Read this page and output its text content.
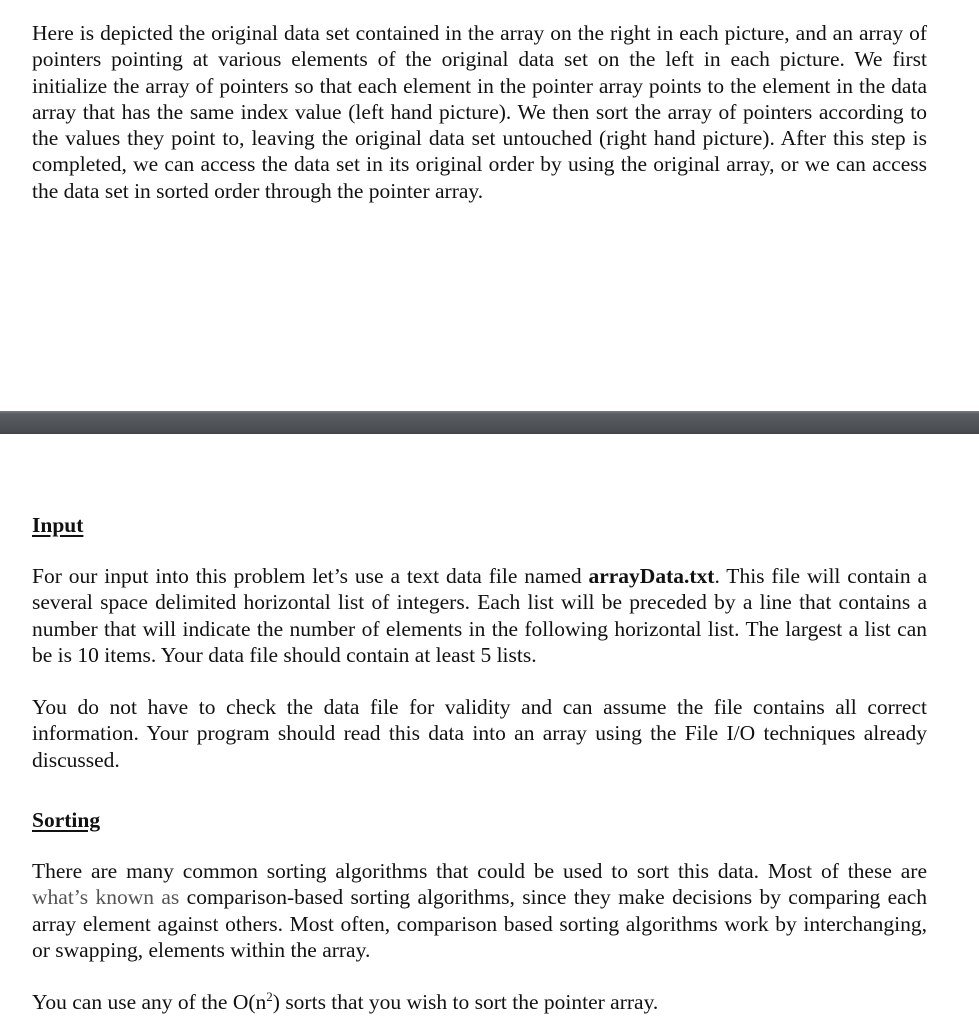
Here is depicted the original data set contained in the array on the right in each picture, and an array of pointers pointing at various elements of the original data set on the left in each picture. We first initialize the array of pointers so that each element in the pointer array points to the element in the data array that has the same index value (left hand picture). We then sort the array of pointers according to the values they point to, leaving the original data set untouched (right hand picture). After this step is completed, we can access the data set in its original order by using the original array, or we can access the data set in sorted order through the pointer array.

Input

For our input into this problem let’s use a text data file named arrayData.txt. This file will contain a several space delimited horizontal list of integers. Each list will be preceded by a line that contains a number that will indicate the number of elements in the following horizontal list. The largest a list can be is 10 items. Your data file should contain at least 5 lists.

You do not have to check the data file for validity and can assume the file contains all correct information. Your program should read this data into an array using the File I/O techniques already discussed.

Sorting

There are many common sorting algorithms that could be used to sort this data. Most of these are what’s known as comparison-based sorting algorithms, since they make decisions by comparing each array element against others. Most often, comparison based sorting algorithms work by interchanging, or swapping, elements within the array.

You can use any of the $O(n^2)$ sorts that you wish to sort the pointer array.
